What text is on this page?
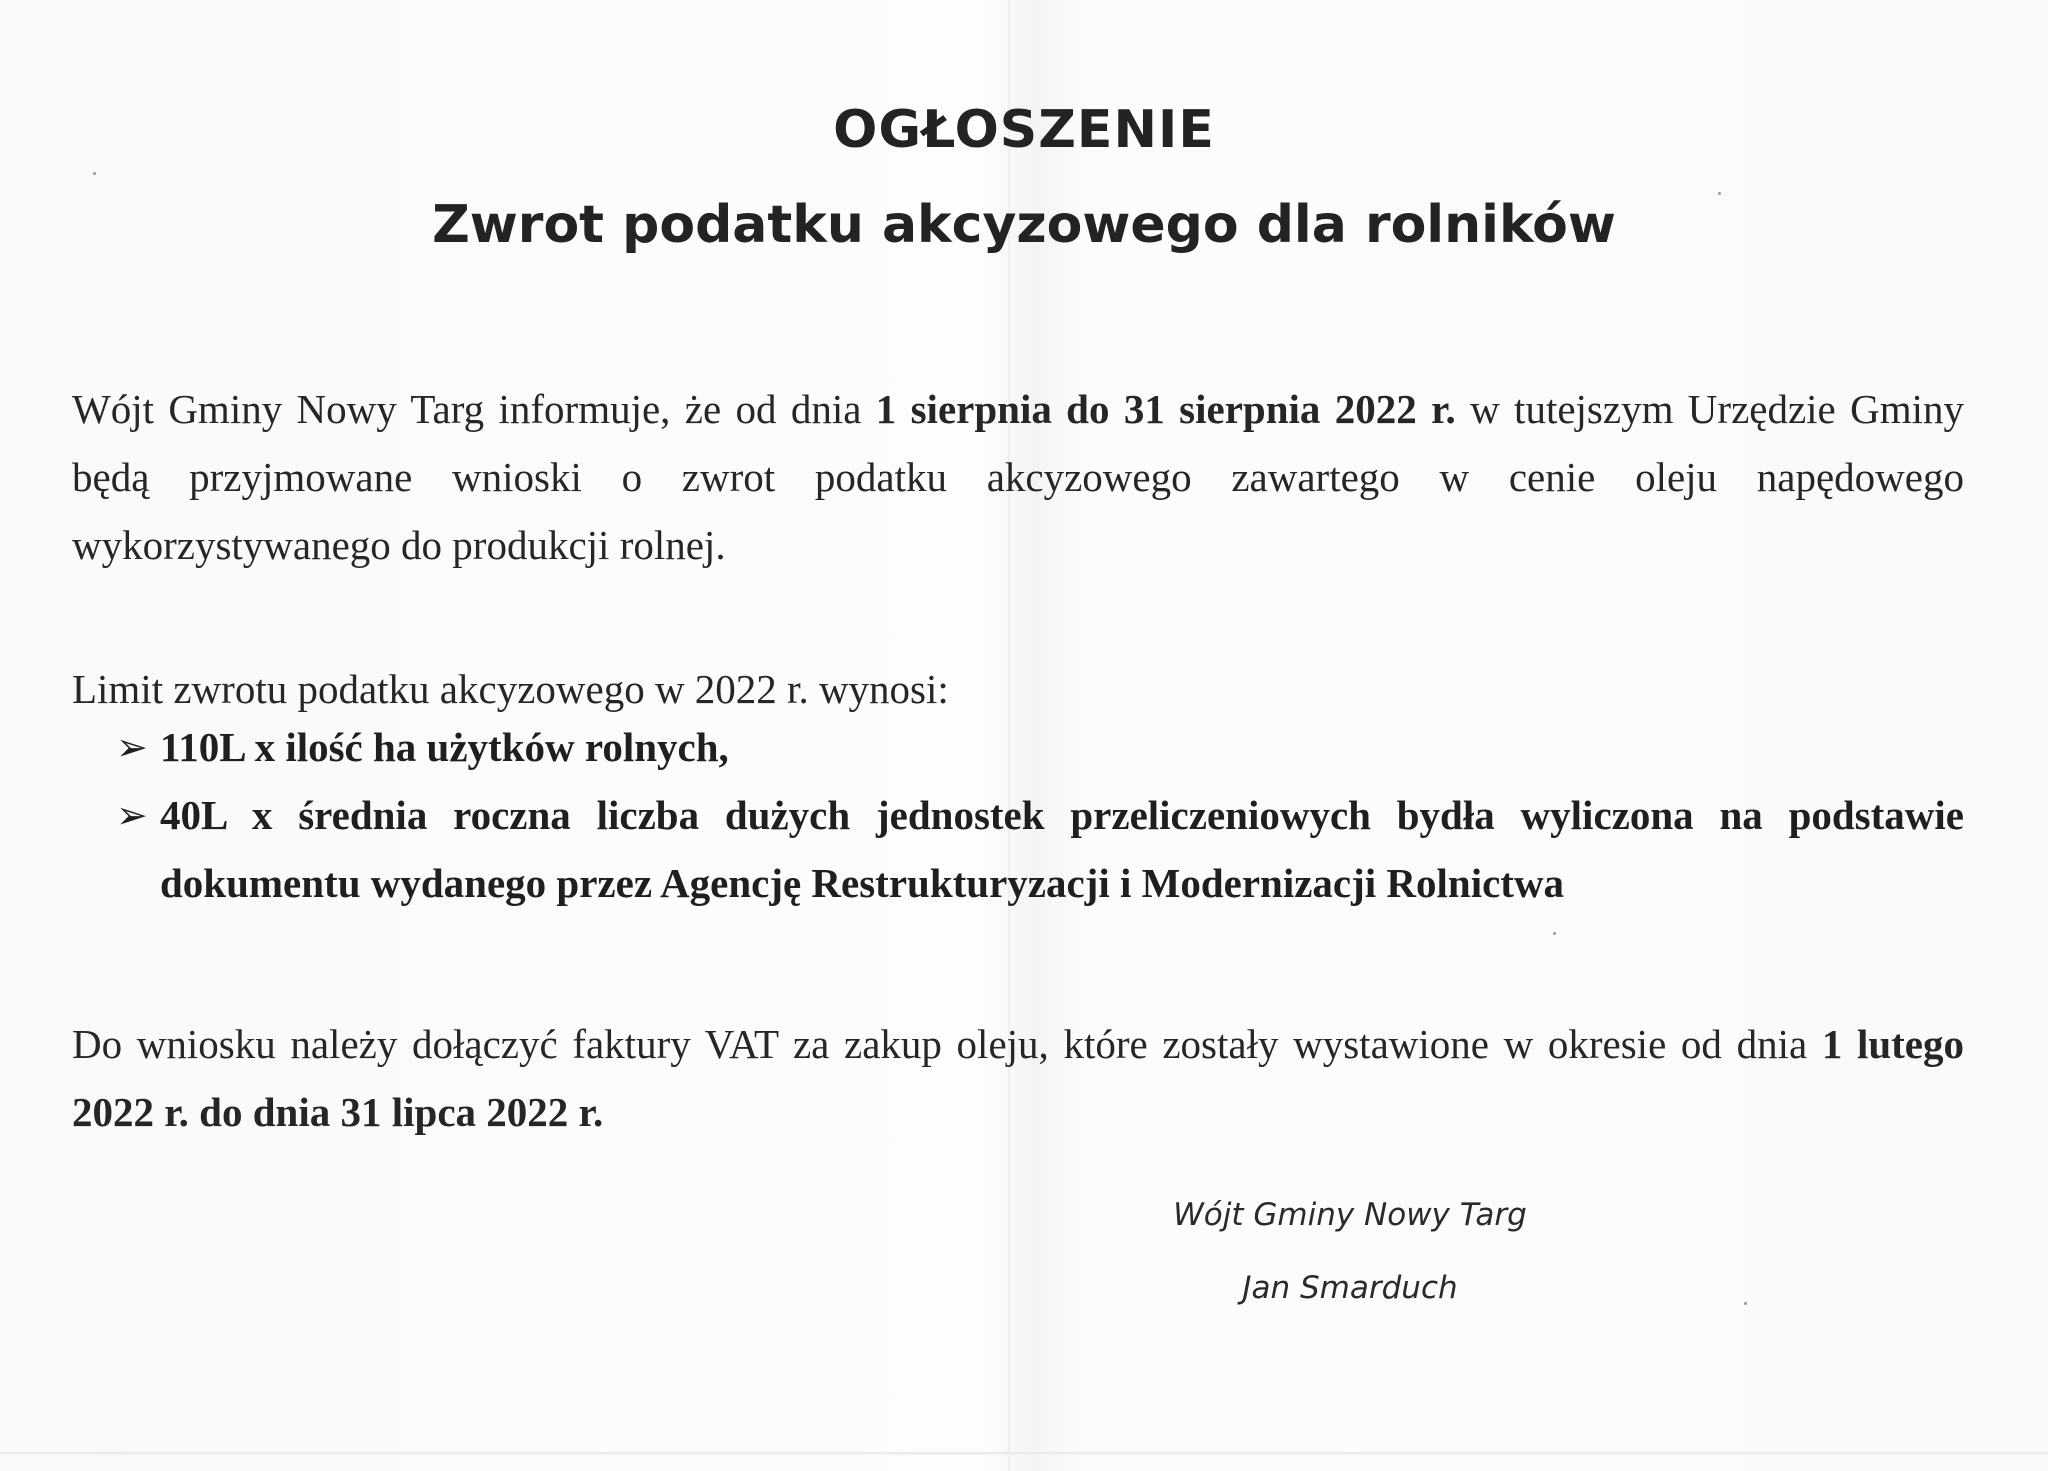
OGŁOSZENIE
Zwrot podatku akcyzowego dla rolników

Wójt Gminy Nowy Targ informuje, że od dnia 1 sierpnia do 31 sierpnia 2022 r. w tutejszym Urzędzie Gminy będą przyjmowane wnioski o zwrot podatku akcyzowego zawartego w cenie oleju napędowego wykorzystywanego do produkcji rolnej.

Limit zwrotu podatku akcyzowego w 2022 r. wynosi:

➢ 110L x ilość ha użytków rolnych,
➢ 40L x średnia roczna liczba dużych jednostek przeliczeniowych bydła wyliczona na podstawie dokumentu wydanego przez Agencję Restrukturyzacji i Modernizacji Rolnictwa

Do wniosku należy dołączyć faktury VAT za zakup oleju, które zostały wystawione w okresie od dnia 1 lutego 2022 r. do dnia 31 lipca 2022 r.

Wójt Gminy Nowy Targ

Jan Smarduch
